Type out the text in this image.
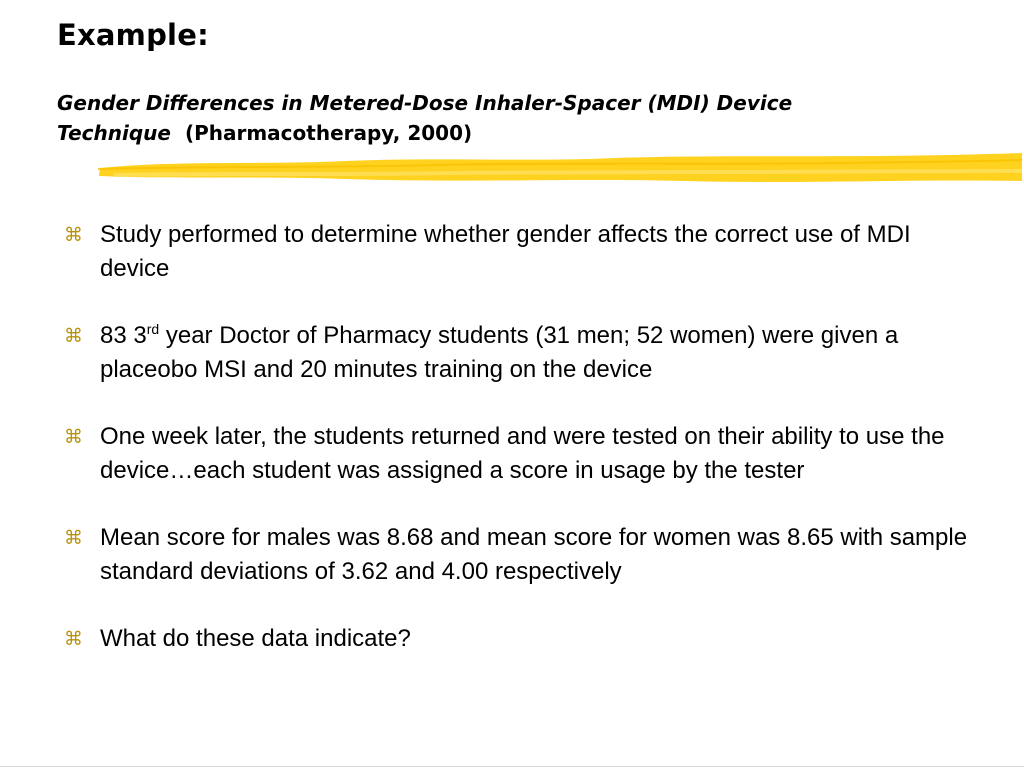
Example:
Gender Differences in Metered-Dose Inhaler-Spacer (MDI) Device Technique (Pharmacotherapy, 2000)
⌘ Study performed to determine whether gender affects the correct use of MDI device
⌘ 83 3rd year Doctor of Pharmacy students (31 men; 52 women) were given a placeobo MSI and 20 minutes training on the device
⌘ One week later, the students returned and were tested on their ability to use the device…each student was assigned a score in usage by the tester
⌘ Mean score for males was 8.68 and mean score for women was 8.65 with sample standard deviations of 3.62 and 4.00 respectively
⌘ What do these data indicate?
